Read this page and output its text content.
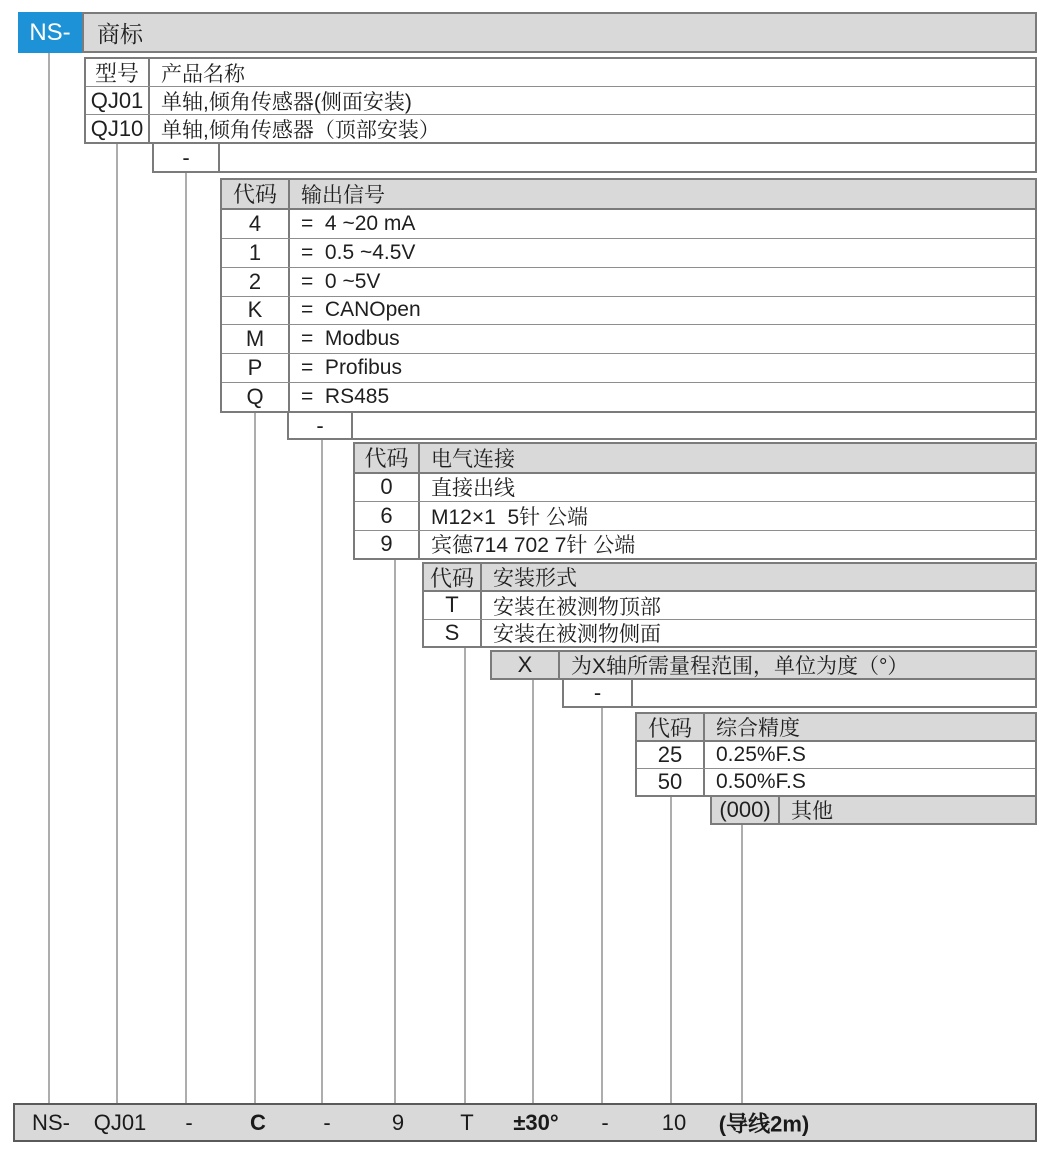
NS- 商标
型号	产品名称
QJ01 单轴,倾角传感器(侧面安装)
QJ10 单轴,倾角传感器（顶部安装）
-
代码	输出信号
4	=  4 ~20 mA
1	=  0.5 ~4.5V
2	=  0 ~5V
K	=  CANOpen
M	=  Modbus
P	=  Profibus
Q	=  RS485
-
代码	电气连接
0	直接出线
6	M12×1  5针 公端
9	宾德714 702 7针 公端
代码 安装形式
T	安装在被测物顶部
S	安装在被测物侧面
X	为X轴所需量程范围，单位为度（°）
-
代码	综合精度
25	0.25%F.S
50	0.50%F.S
(000) 其他
NS- QJ01 -	C	-	9	T ±30° - 10 (导线2m)
